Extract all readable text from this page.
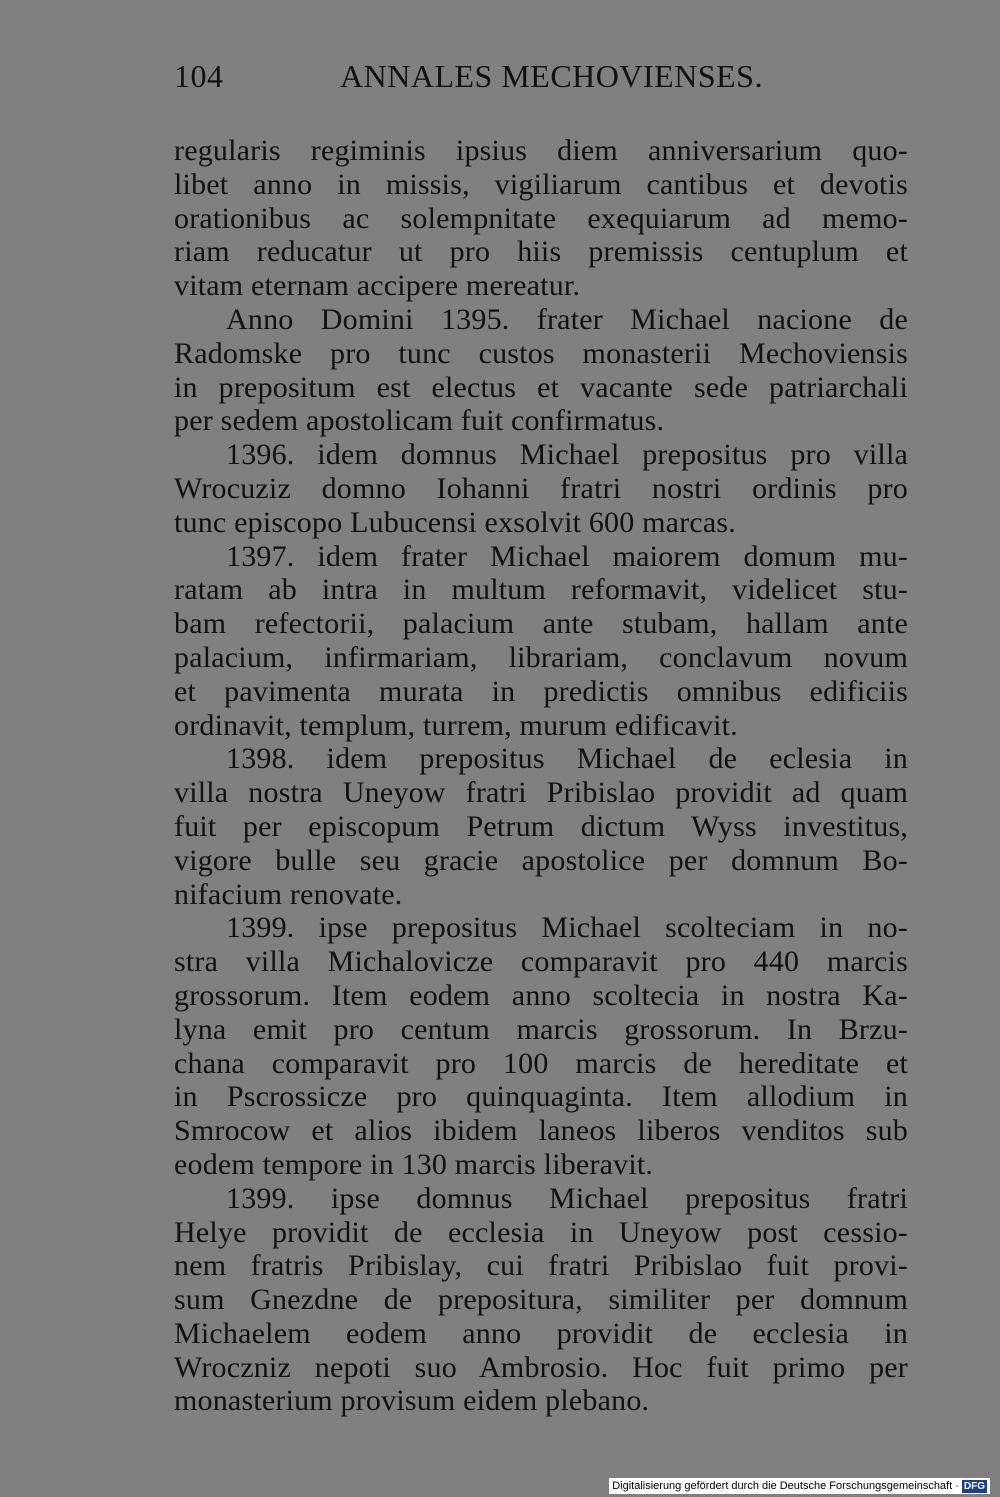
104	ANNALES MECHOVIENSES.
regularis regiminis ipsius diem anniversarium quo-
libet anno in missis, vigiliarum cantibus et devotis
orationibus ac solempnitate exequiarum ad memo-
riam reducatur ut pro hiis premissis centuplum et
vitam eternam accipere mereatur.
Anno Domini 1395. frater Michael nacione de
Radomske pro tunc custos monasterii Mechoviensis
in prepositum est electus et vacante sede patriarchali
per sedem apostolicam fuit confirmatus.
1396. idem domnus Michael prepositus pro villa
Wrocuziz domno Iohanni fratri nostri ordinis pro
tunc episcopo Lubucensi exsolvit 600 marcas.
1397. idem frater Michael maiorem domum mu-
ratam ab intra in multum reformavit, videlicet stu-
bam refectorii, palacium ante stubam, hallam ante
palacium, infirmariam, librariam, conclavum novum
et pavimenta murata in predictis omnibus edificiis
ordinavit, templum, turrem, murum edificavit.
1398. idem prepositus Michael de eclesia in
villa nostra Uneyow fratri Pribislao providit ad quam
fuit per episcopum Petrum dictum Wyss investitus,
vigore bulle seu gracie apostolice per domnum Bo-
nifacium renovate.
1399. ipse prepositus Michael scolteciam in no-
stra villa Michalovicze comparavit pro 440 marcis
grossorum. Item eodem anno scoltecia in nostra Ka-
lyna emit pro centum marcis grossorum. In Brzu-
chana comparavit pro 100 marcis de hereditate et
in Pscrossicze pro quinquaginta. Item allodium in
Smrocow et alios ibidem laneos liberos venditos sub
eodem tempore in 130 marcis liberavit.
1399. ipse domnus Michael prepositus fratri
Helye providit de ecclesia in Uneyow post cessio-
nem fratris Pribislay, cui fratri Pribislao fuit provi-
sum Gnezdne de prepositura, similiter per domnum
Michaelem eodem anno providit de ecclesia in
Wroczniz nepoti suo Ambrosio. Hoc fuit primo per
monasterium provisum eidem plebano.
Digitalisierung gefördert durch die Deutsche Forschungsgemeinschaft · DFG
